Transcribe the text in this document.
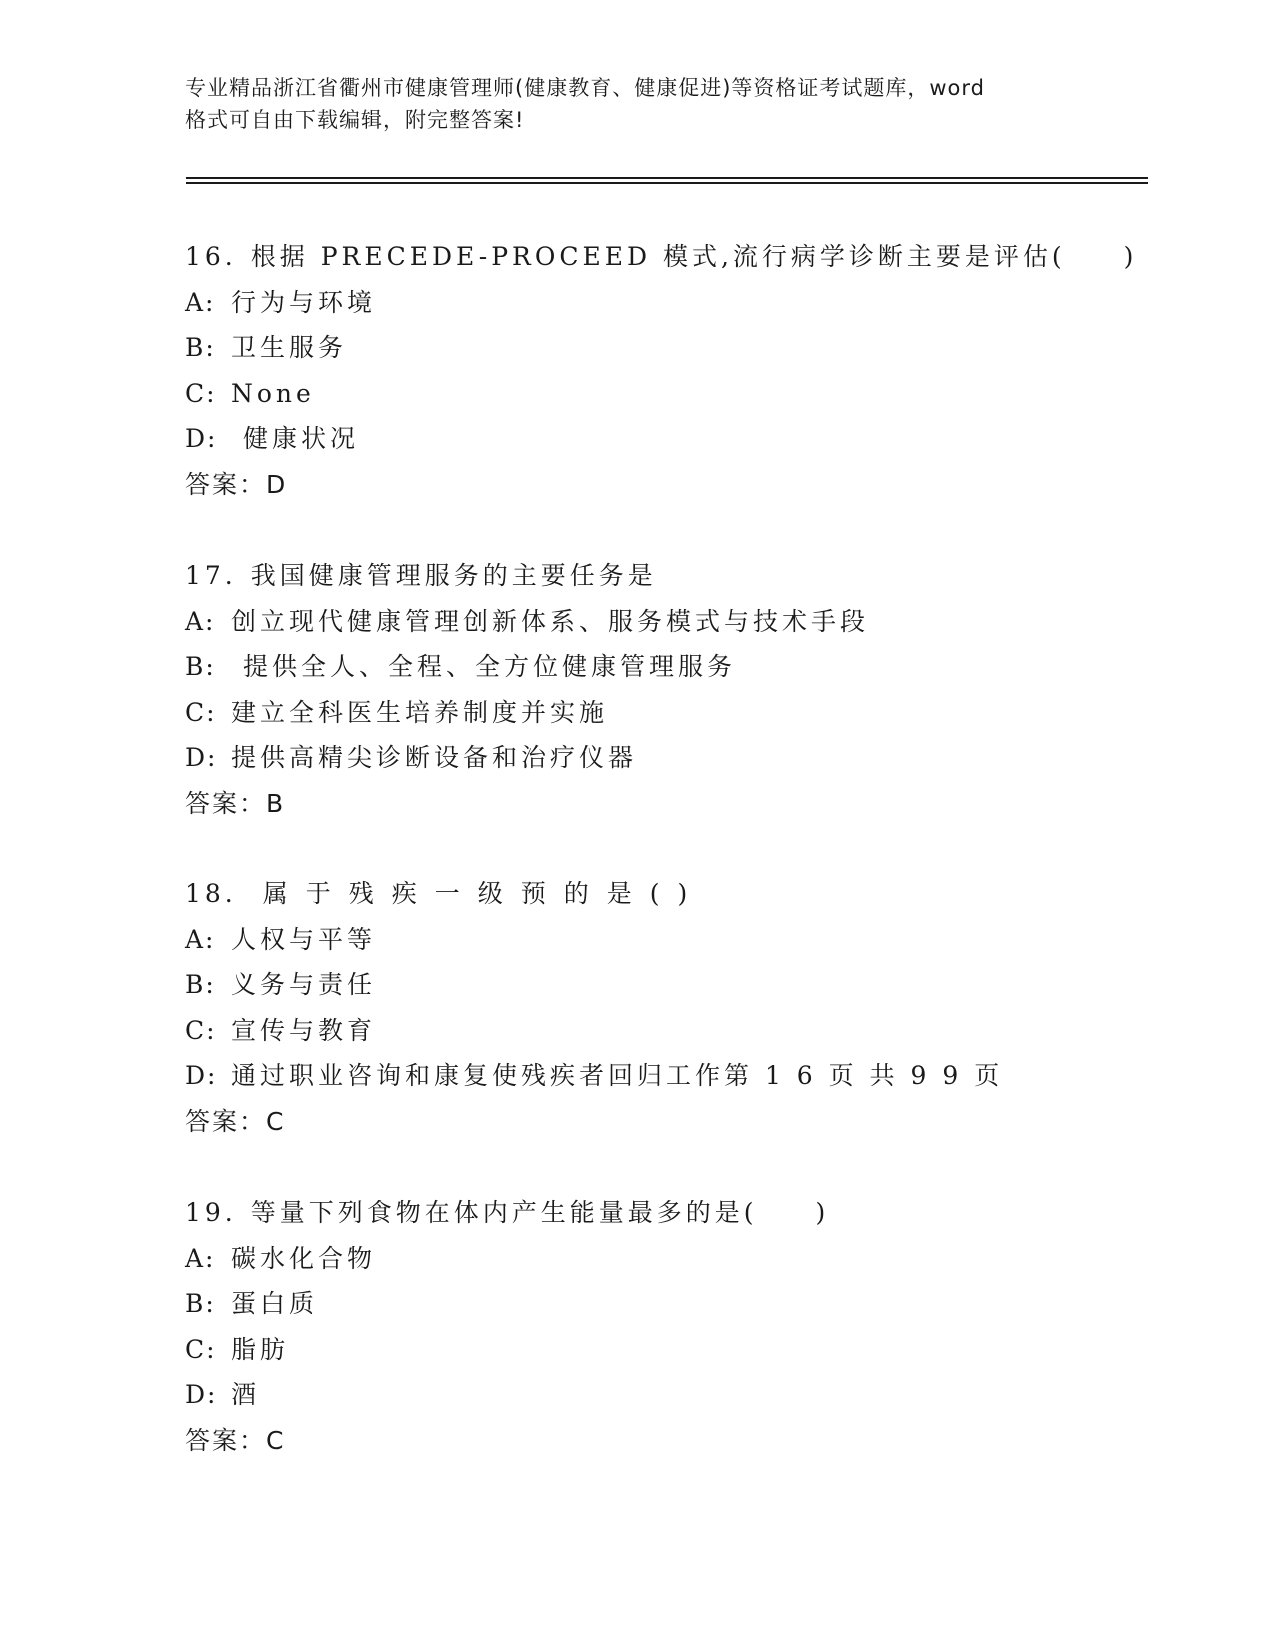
专业精品浙江省衢州市健康管理师(健康教育、健康促进)等资格证考试题库，word
格式可自由下载编辑，附完整答案!
16. 根据 PRECEDE-PROCEED 模式,流行病学诊断主要是评估(　　)
A: 行为与环境
B: 卫生服务
C: None
D: 健康状况
答案：D
17. 我国健康管理服务的主要任务是
A: 创立现代健康管理创新体系、服务模式与技术手段
B: 提供全人、全程、全方位健康管理服务
C: 建立全科医生培养制度并实施
D: 提供高精尖诊断设备和治疗仪器
答案：B
18. 属于残疾一级预的是()
A: 人权与平等
B: 义务与责任
C: 宣传与教育
D: 通过职业咨询和康复使残疾者回归工作第 1 6 页 共 9 9 页
答案：C
19. 等量下列食物在体内产生能量最多的是(　　)
A: 碳水化合物
B: 蛋白质
C: 脂肪
D: 酒
答案：C
